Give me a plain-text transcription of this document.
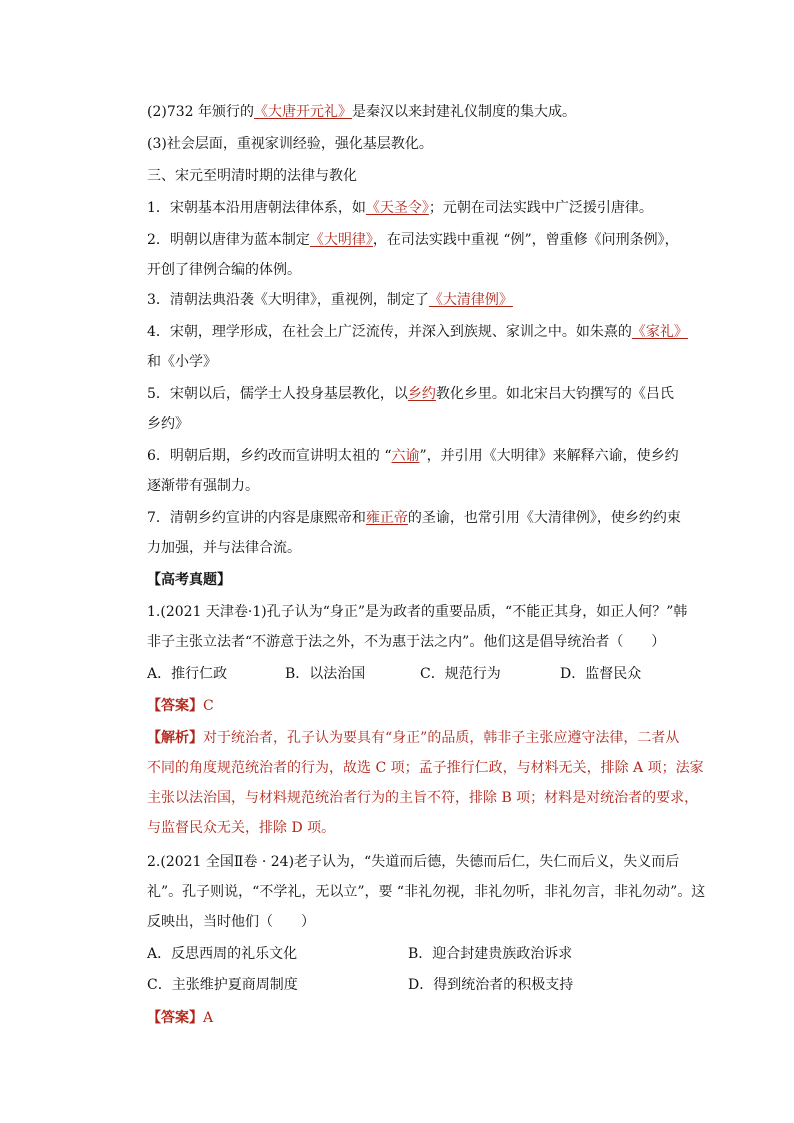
(2)732 年颁行的《大唐开元礼》是秦汉以来封建礼仪制度的集大成。
(3)社会层面，重视家训经验，强化基层教化。
三、宋元至明清时期的法律与教化
1．宋朝基本沿用唐朝法律体系，如《天圣令》；元朝在司法实践中广泛援引唐律。
2．明朝以唐律为蓝本制定《大明律》，在司法实践中重视 “例”，曾重修《问刑条例》，
开创了律例合编的体例。
3．清朝法典沿袭《大明律》，重视例，制定了《大清律例》
4．宋朝，理学形成，在社会上广泛流传，并深入到族规、家训之中。如朱熹的《家礼》
和《小学》
5．宋朝以后，儒学士人投身基层教化，以乡约教化乡里。如北宋吕大钧撰写的《吕氏
乡约》
6．明朝后期，乡约改而宣讲明太祖的 “六谕”，并引用《大明律》来解释六谕，使乡约
逐渐带有强制力。
7．清朝乡约宣讲的内容是康熙帝和雍正帝的圣谕，也常引用《大清律例》，使乡约约束
力加强，并与法律合流。
【高考真题】
1.(2021 天津卷·1)孔子认为“身正”是为政者的重要品质，“不能正其身，如正人何？”韩
非子主张立法者“不游意于法之外，不为惠于法之内”。他们这是倡导统治者（　　）
A．推行仁政	B．以法治国	C．规范行为	D．监督民众
【答案】C
【解析】对于统治者，孔子认为要具有“身正”的品质，韩非子主张应遵守法律，二者从
不同的角度规范统治者的行为，故选 C 项；孟子推行仁政，与材料无关，排除 A 项；法家
主张以法治国，与材料规范统治者行为的主旨不符，排除 B 项；材料是对统治者的要求，
与监督民众无关，排除 D 项。
2.(2021 全国Ⅱ卷 · 24)老子认为，“失道而后德，失德而后仁，失仁而后义，失义而后
礼”。孔子则说，“不学礼，无以立”，要 “非礼勿视，非礼勿听，非礼勿言，非礼勿动”。这
反映出，当时他们（　　）
A．反思西周的礼乐文化	B．迎合封建贵族政治诉求
C．主张维护夏商周制度	D．得到统治者的积极支持
【答案】A
